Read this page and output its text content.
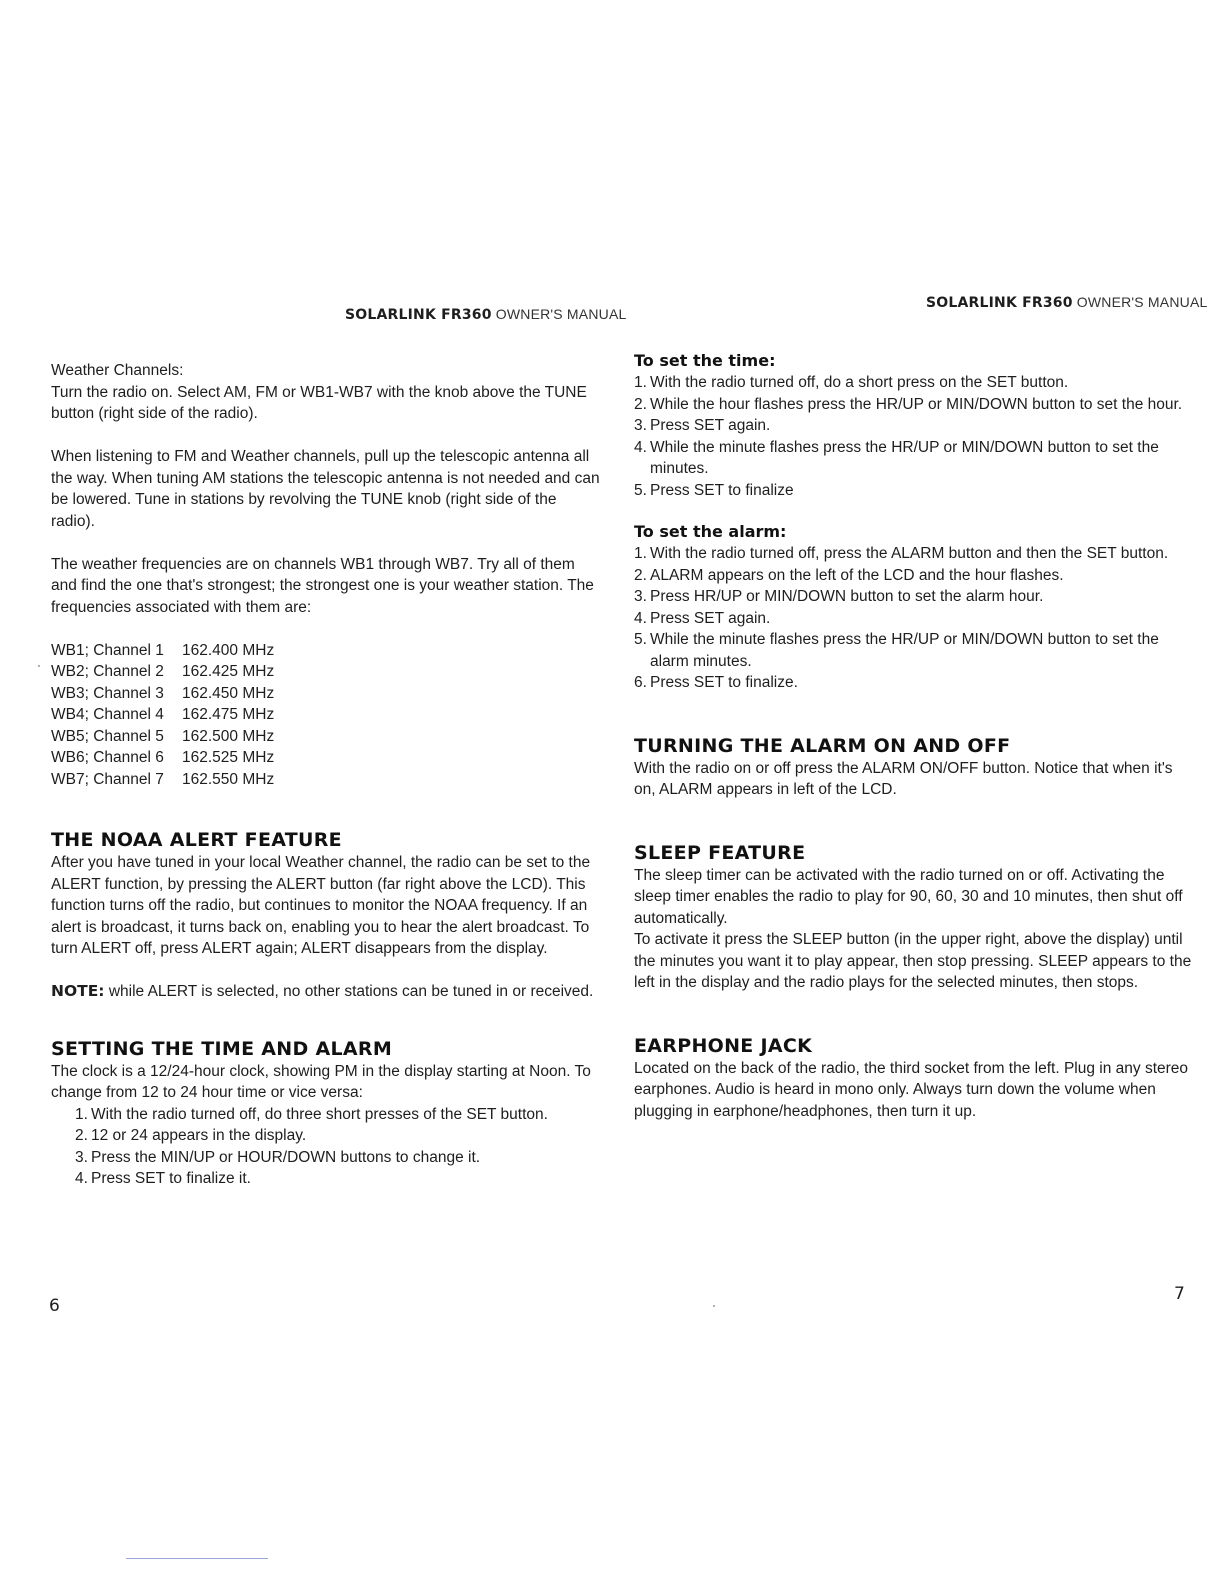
SOLARLINK FR360 OWNER'S MANUAL

Weather Channels:

Turn the radio on. Select AM, FM or WB1-WB7 with the knob above the TUNE button (right side of the radio).

When listening to FM and Weather channels, pull up the telescopic antenna all the way. When tuning AM stations the telescopic antenna is not needed and can be lowered. Tune in stations by revolving the TUNE knob (right side of the radio).

The weather frequencies are on channels WB1 through WB7. Try all of them and find the one that's strongest; the strongest one is your weather station. The frequencies associated with them are:

WB1; Channel 1	162.400 MHz
WB2; Channel 2	162.425 MHz
WB3; Channel 3	162.450 MHz
WB4; Channel 4	162.475 MHz
WB5; Channel 5	162.500 MHz
WB6; Channel 6	162.525 MHz
WB7; Channel 7	162.550 MHz
THE NOAA ALERT FEATURE

After you have tuned in your local Weather channel, the radio can be set to the ALERT function, by pressing the ALERT button (far right above the LCD). This function turns off the radio, but continues to monitor the NOAA frequency. If an alert is broadcast, it turns back on, enabling you to hear the alert broadcast. To turn ALERT off, press ALERT again; ALERT disappears from the display.

NOTE: while ALERT is selected, no other stations can be tuned in or received.

SETTING THE TIME AND ALARM

The clock is a 12/24-hour clock, showing PM in the display starting at Noon. To change from 12 to 24 hour time or vice versa:

1. With the radio turned off, do three short presses of the SET button.
2. 12 or 24 appears in the display.
3. Press the MIN/UP or HOUR/DOWN buttons to change it.
4. Press SET to finalize it.
6
SOLARLINK FR360 OWNER'S MANUAL
To set the time:
1. With the radio turned off, do a short press on the SET button.
2. While the hour flashes press the HR/UP or MIN/DOWN button to set the hour.
3. Press SET again.
4. While the minute flashes press the HR/UP or MIN/DOWN button to set the minutes.
5. Press SET to finalize
To set the alarm:
1. With the radio turned off, press the ALARM button and then the SET button.
2. ALARM appears on the left of the LCD and the hour flashes.
3. Press HR/UP or MIN/DOWN button to set the alarm hour.
4. Press SET again.
5. While the minute flashes press the HR/UP or MIN/DOWN button to set the alarm minutes.
6. Press SET to finalize.
TURNING THE ALARM ON AND OFF

With the radio on or off press the ALARM ON/OFF button. Notice that when it's on, ALARM appears in left of the LCD.

SLEEP FEATURE

The sleep timer can be activated with the radio turned on or off. Activating the sleep timer enables the radio to play for 90, 60, 30 and 10 minutes, then shut off automatically.

To activate it press the SLEEP button (in the upper right, above the display) until the minutes you want it to play appear, then stop pressing. SLEEP appears to the left in the display and the radio plays for the selected minutes, then stops.

EARPHONE JACK

Located on the back of the radio, the third socket from the left. Plug in any stereo earphones. Audio is heard in mono only. Always turn down the volume when plugging in earphone/headphones, then turn it up.

7
